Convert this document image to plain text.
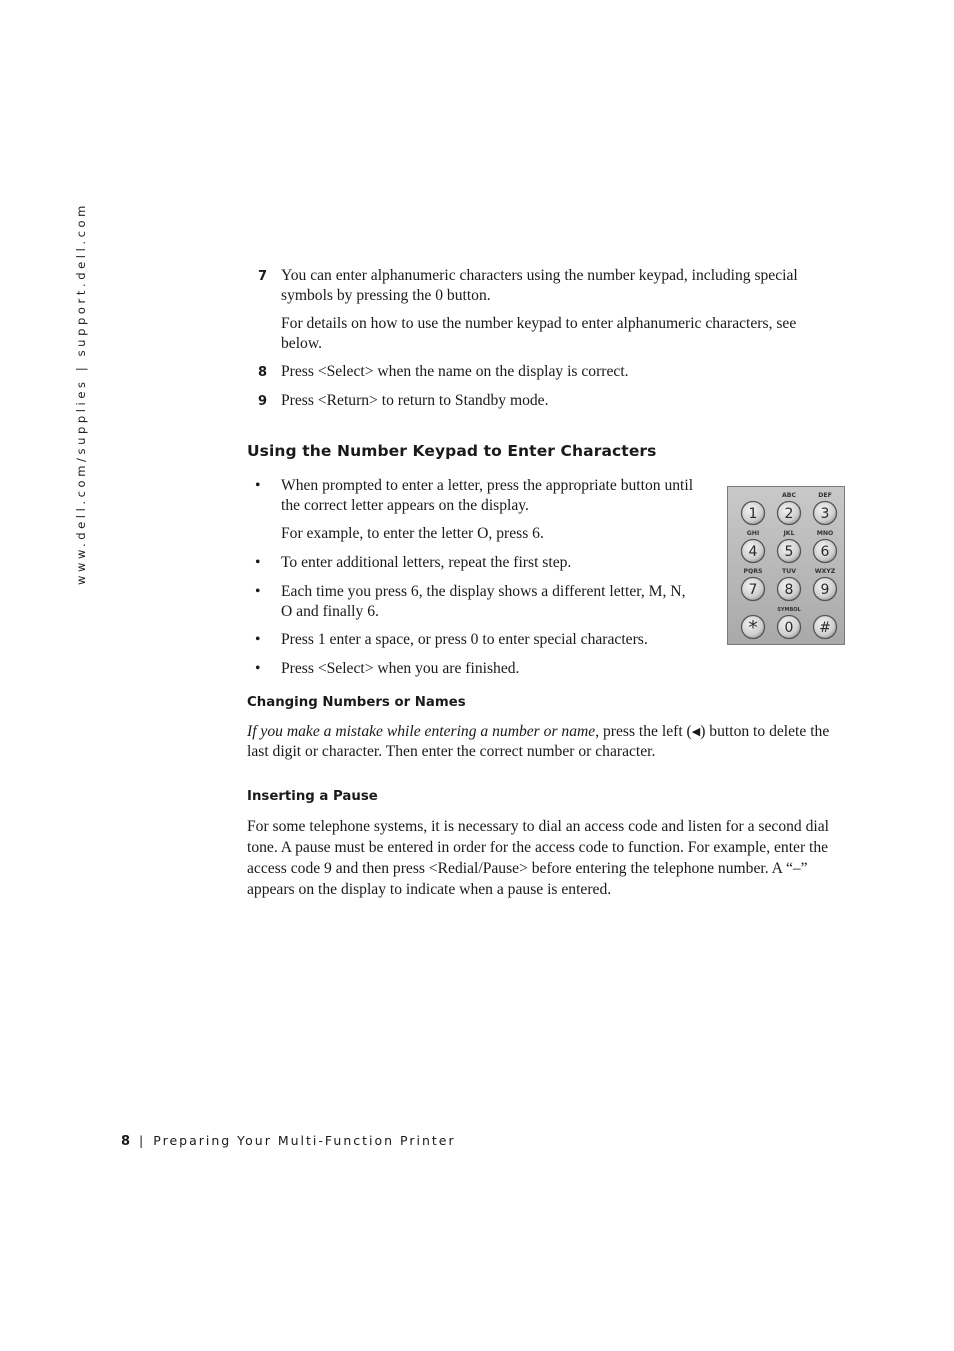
www.dell.com/supplies | support.dell.com	7 You can enter alphanumeric characters using the number keypad, including special symbols by pressing the 0 button.
For details on how to use the number keypad to enter alphanumeric characters, see below.
8 Press <Select> when the name on the display is correct.
9 Press <Return> to return to Standby mode.
Using the Number Keypad to Enter Characters
• When prompted to enter a letter, press the appropriate button until the correct letter appears on the display.
For example, to enter the letter O, press 6.
• To enter additional letters, repeat the first step.
• Each time you press 6, the display shows a different letter, M, N,
O and finally 6.
• Press 1 enter a space, or press 0 to enter special characters.
• Press <Select> when you are finished.
1
ABC
2
DEF
3
GHI
4
JKL
5
MNO
6
PQRS
7
TUV
8
WXYZ
9
*
SYMBOL
0 #
Changing Numbers or Names
If you make a mistake while entering a number or name, press the left (◀) button to delete the last digit or character. Then enter the correct number or character.
Inserting a Pause
For some telephone systems, it is necessary to dial an access code and listen for a second dial tone. A pause must be entered in order for the access code to function. For example, enter the access code 9 and then press <Redial/Pause> before entering the telephone number. A “–” appears on the display to indicate when a pause is entered.
8 | Preparing Your Multi-Function Printer
